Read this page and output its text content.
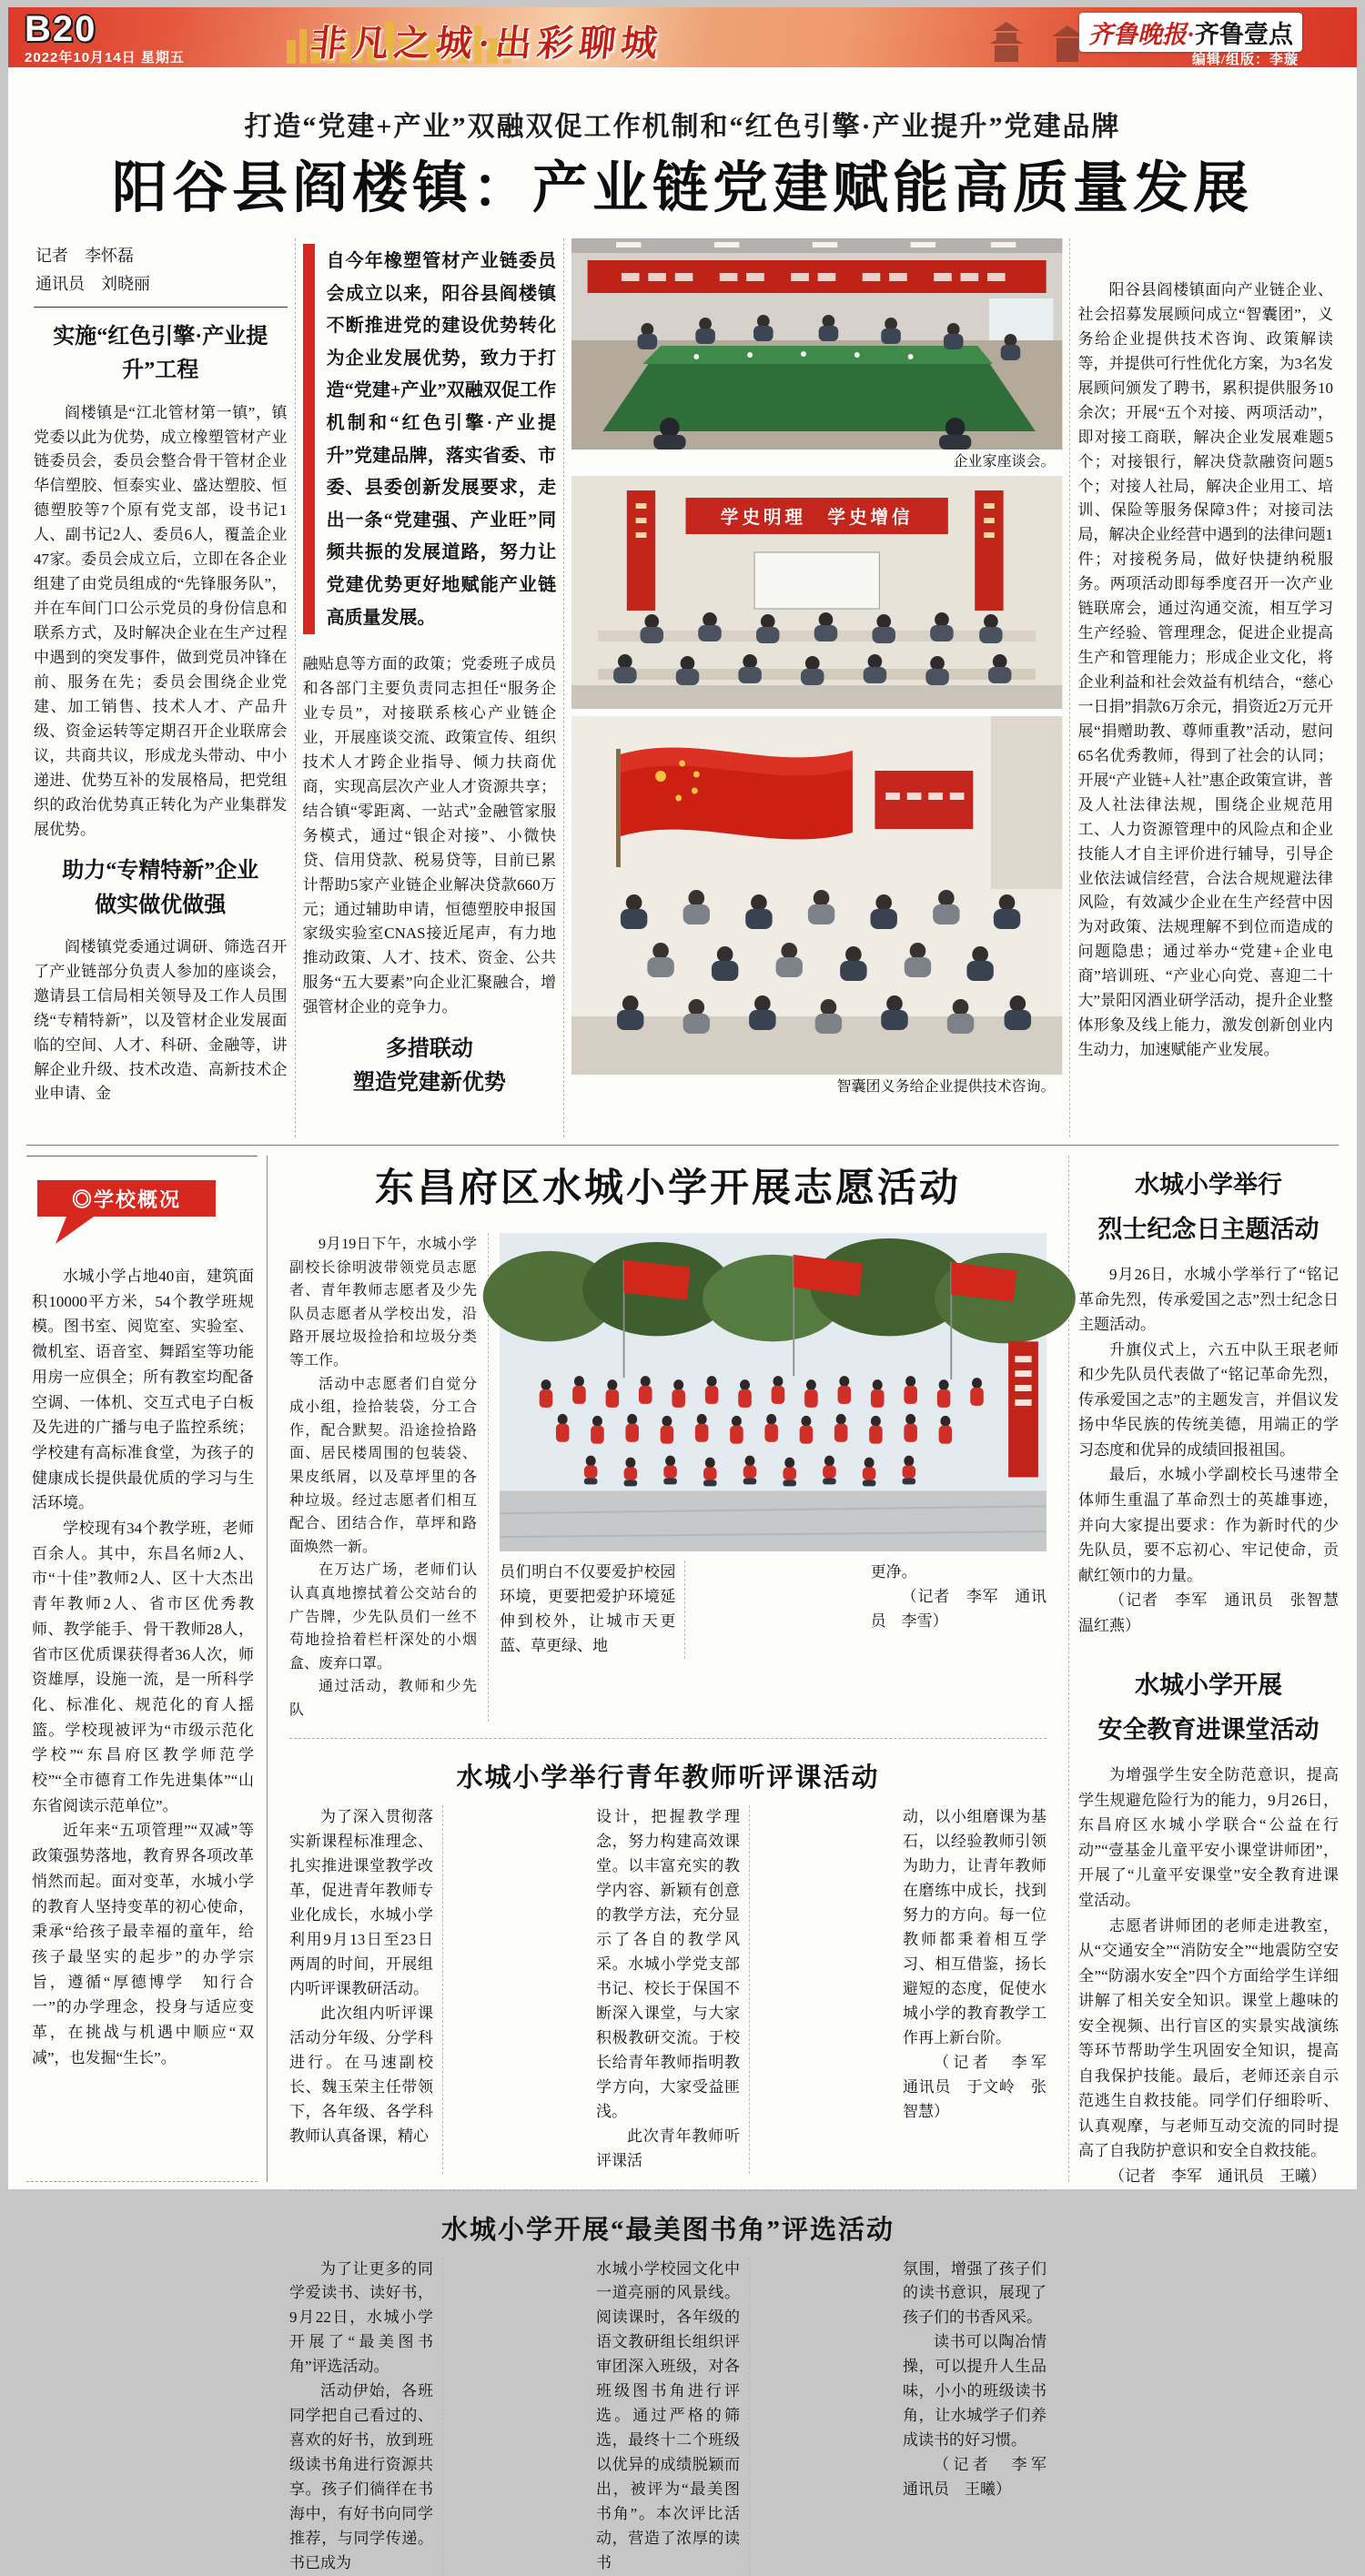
B20
2022年10月14日 星期五	非凡之城·出彩聊城	齐鲁晚报·齐鲁壹点
编辑/组版：李璇
打造“党建+产业”双融双促工作机制和“红色引擎·产业提升”党建品牌
阳谷县阎楼镇：产业链党建赋能高质量发展
记者　李怀磊
通讯员　刘晓丽
实施“红色引擎·产业提
升”工程

阎楼镇是“江北管材第一镇”，镇党委以此为优势，成立橡塑管材产业链委员会，委员会整合骨干管材企业华信塑胶、恒泰实业、盛达塑胶、恒德塑胶等7个原有党支部，设书记1人、副书记2人、委员6人，覆盖企业47家。委员会成立后，立即在各企业组建了由党员组成的“先锋服务队”，并在车间门口公示党员的身份信息和联系方式，及时解决企业在生产过程中遇到的突发事件，做到党员冲锋在前、服务在先；委员会围绕企业党建、加工销售、技术人才、产品升级、资金运转等定期召开企业联席会议，共商共议，形成龙头带动、中小递进、优势互补的发展格局，把党组织的政治优势真正转化为产业集群发展优势。

助力“专精特新”企业
做实做优做强

阎楼镇党委通过调研、筛选召开了产业链部分负责人参加的座谈会，邀请县工信局相关领导及工作人员围绕“专精特新”，以及管材企业发展面临的空间、人才、科研、金融等，讲解企业升级、技术改造、高新技术企业申请、金

自今年橡塑管材产业链委员会成立以来，阳谷县阎楼镇不断推进党的建设优势转化为企业发展优势，致力于打造“党建+产业”双融双促工作机制和“红色引擎·产业提升”党建品牌，落实省委、市委、县委创新发展要求，走出一条“党建强、产业旺”同频共振的发展道路，努力让党建优势更好地赋能产业链高质量发展。

融贴息等方面的政策；党委班子成员和各部门主要负责同志担任“服务企业专员”，对接联系核心产业链企业，开展座谈交流、政策宣传、组织技术人才跨企业指导、倾力扶商优商，实现高层次产业人才资源共享；结合镇“零距离、一站式”金融管家服务模式，通过“银企对接”、小微快贷、信用贷款、税易贷等，目前已累计帮助5家产业链企业解决贷款660万元；通过辅助申请，恒德塑胶申报国家级实验室CNAS接近尾声，有力地推动政策、人才、技术、资金、公共服务“五大要素”向企业汇聚融合，增强管材企业的竞争力。

多措联动
塑造党建新优势
企业家座谈会。
学史明理　学史增信
智囊团义务给企业提供技术咨询。

阳谷县阎楼镇面向产业链企业、社会招募发展顾问成立“智囊团”，义务给企业提供技术咨询、政策解读等，并提供可行性优化方案，为3名发展顾问颁发了聘书，累积提供服务10余次；开展“五个对接、两项活动”，即对接工商联，解决企业发展难题5个；对接银行，解决贷款融资问题5个；对接人社局，解决企业用工、培训、保险等服务保障3件；对接司法局，解决企业经营中遇到的法律问题1件；对接税务局，做好快捷纳税服务。两项活动即每季度召开一次产业链联席会，通过沟通交流，相互学习生产经验、管理理念，促进企业提高生产和管理能力；形成企业文化，将企业利益和社会效益有机结合，“慈心一日捐”捐款6万余元，捐资近2万元开展“捐赠助教、尊师重教”活动，慰问65名优秀教师，得到了社会的认同；开展“产业链+人社”惠企政策宣讲，普及人社法律法规，围绕企业规范用工、人力资源管理中的风险点和企业技能人才自主评价进行辅导，引导企业依法诚信经营，合法合规规避法律风险，有效减少企业在生产经营中因为对政策、法规理解不到位而造成的问题隐患；通过举办“党建+企业电商”培训班、“产业心向党、喜迎二十大”景阳冈酒业研学活动，提升企业整体形象及线上能力，激发创新创业内生动力，加速赋能产业发展。

◎学校概况

水城小学占地40亩，建筑面积10000平方米，54个教学班规模。图书室、阅览室、实验室、微机室、语音室、舞蹈室等功能用房一应俱全；所有教室均配备空调、一体机、交互式电子白板及先进的广播与电子监控系统；学校建有高标准食堂，为孩子的健康成长提供最优质的学习与生活环境。

学校现有34个教学班，老师百余人。其中，东昌名师2人、市“十佳”教师2人、区十大杰出青年教师2人、省市区优秀教师、教学能手、骨干教师28人，省市区优质课获得者36人次，师资雄厚，设施一流，是一所科学化、标准化、规范化的育人摇篮。学校现被评为“市级示范化学校”“东昌府区教学师范学校”“全市德育工作先进集体”“山东省阅读示范单位”。

近年来“五项管理”“双减”等政策强势落地，教育界各项改革悄然而起。面对变革，水城小学的教育人坚持变革的初心使命，秉承“给孩子最幸福的童年，给孩子最坚实的起步”的办学宗旨，遵循“厚德博学　知行合一”的办学理念，投身与适应变革，在挑战与机遇中顺应“双减”，也发掘“生长”。

东昌府区水城小学开展志愿活动

9月19日下午，水城小学副校长徐明波带领党员志愿者、青年教师志愿者及少先队员志愿者从学校出发，沿路开展垃圾捡拾和垃圾分类等工作。

活动中志愿者们自觉分成小组，捡拾装袋，分工合作，配合默契。沿途捡拾路面、居民楼周围的包装袋、果皮纸屑，以及草坪里的各种垃圾。经过志愿者们相互配合、团结合作，草坪和路面焕然一新。

在万达广场，老师们认认真真地擦拭着公交站台的广告牌，少先队员们一丝不苟地捡拾着栏杆深处的小烟盒、废弃口罩。

通过活动，教师和少先队

员们明白不仅要爱护校园环境，更要把爱护环境延伸到校外，让城市天更蓝、草更绿、地

更净。

（记者　李军　通讯员　李雪）

水城小学举行青年教师听评课活动

为了深入贯彻落实新课程标准理念、扎实推进课堂教学改革，促进青年教师专业化成长，水城小学利用9月13日至23日两周的时间，开展组内听评课教研活动。

此次组内听评课活动分年级、分学科进行。在马速副校长、魏玉荣主任带领下，各年级、各学科教师认真备课，精心

设计，把握教学理念，努力构建高效课堂。以丰富充实的教学内容、新颖有创意的教学方法，充分显示了各自的教学风采。水城小学党支部书记、校长于保国不断深入课堂，与大家积极教研交流。于校长给青年教师指明教学方向，大家受益匪浅。

此次青年教师听评课活

动，以小组磨课为基石，以经验教师引领为助力，让青年教师在磨练中成长，找到努力的方向。每一位教师都秉着相互学习、相互借鉴，扬长避短的态度，促使水城小学的教育教学工作再上新台阶。

（记者　李军　通讯员　于文岭　张智慧）

水城小学开展“最美图书角”评选活动

为了让更多的同学爱读书、读好书，9月22日，水城小学开展了“最美图书角”评选活动。

活动伊始，各班同学把自己看过的、喜欢的好书，放到班级读书角进行资源共享。孩子们徜徉在书海中，有好书向同学推荐，与同学传递。书已成为

水城小学校园文化中一道亮丽的风景线。阅读课时，各年级的语文教研组长组织评审团深入班级，对各班级图书角进行评选。通过严格的筛选，最终十二个班级以优异的成绩脱颖而出，被评为“最美图书角”。本次评比活动，营造了浓厚的读书

氛围，增强了孩子们的读书意识，展现了孩子们的书香风采。

读书可以陶冶情操，可以提升人生品味，小小的班级读书角，让水城学子们养成读书的好习惯。

（记者　李军　通讯员　王曦）

水城小学举行
烈士纪念日主题活动

9月26日，水城小学举行了“铭记革命先烈，传承爱国之志”烈士纪念日主题活动。

升旗仪式上，六五中队王珉老师和少先队员代表做了“铭记革命先烈，传承爱国之志”的主题发言，并倡议发扬中华民族的传统美德，用端正的学习态度和优异的成绩回报祖国。

最后，水城小学副校长马速带全体师生重温了革命烈士的英雄事迹，并向大家提出要求：作为新时代的少先队员，要不忘初心、牢记使命，贡献红领巾的力量。

（记者　李军　通讯员　张智慧　温红燕）

水城小学开展
安全教育进课堂活动

为增强学生安全防范意识，提高学生规避危险行为的能力，9月26日，东昌府区水城小学联合“公益在行动”“壹基金儿童平安小课堂讲师团”，开展了“儿童平安课堂”安全教育进课堂活动。

志愿者讲师团的老师走进教室，从“交通安全”“消防安全”“地震防空安全”“防溺水安全”四个方面给学生详细讲解了相关安全知识。课堂上趣味的安全视频、出行盲区的实景实战演练等环节帮助学生巩固安全知识，提高自我保护技能。最后，老师还亲自示范逃生自救技能。同学们仔细聆听、认真观摩，与老师互动交流的同时提高了自我防护意识和安全自救技能。

（记者　李军　通讯员　王曦）
